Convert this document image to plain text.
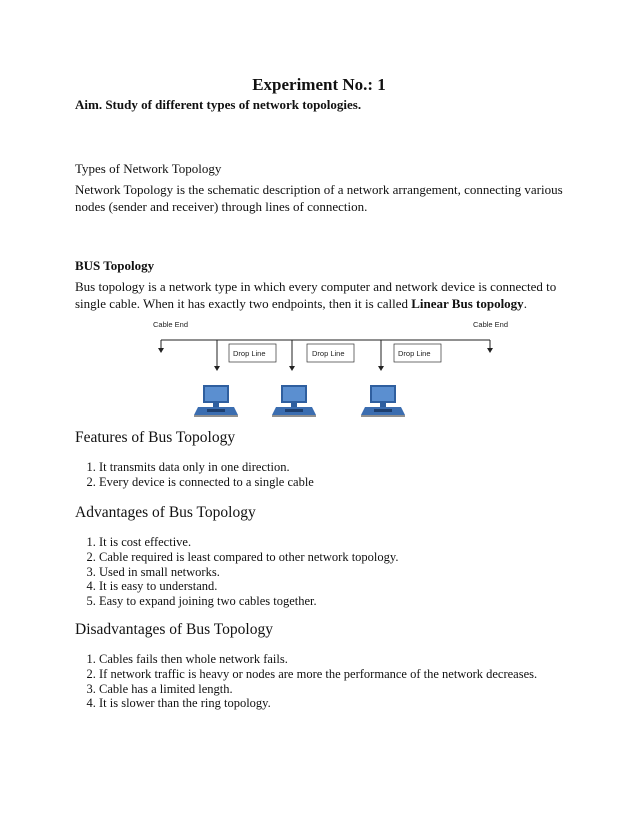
Experiment No.: 1
Aim. Study of different types of network topologies.
Types of Network Topology
Network Topology is the schematic description of a network arrangement, connecting various nodes (sender and receiver) through lines of connection.
BUS Topology
Bus topology is a network type in which every computer and network device is connected to single cable. When it has exactly two endpoints, then it is called Linear Bus topology.
Cable End	Cable End
Drop Line	Drop Line	Drop Line
Features of Bus Topology
1. It transmits data only in one direction.
2. Every device is connected to a single cable
Advantages of Bus Topology
1. It is cost effective.
2. Cable required is least compared to other network topology.
3. Used in small networks.
4. It is easy to understand.
5. Easy to expand joining two cables together.
Disadvantages of Bus Topology
1. Cables fails then whole network fails.
2. If network traffic is heavy or nodes are more the performance of the network decreases.
3. Cable has a limited length.
4. It is slower than the ring topology.
